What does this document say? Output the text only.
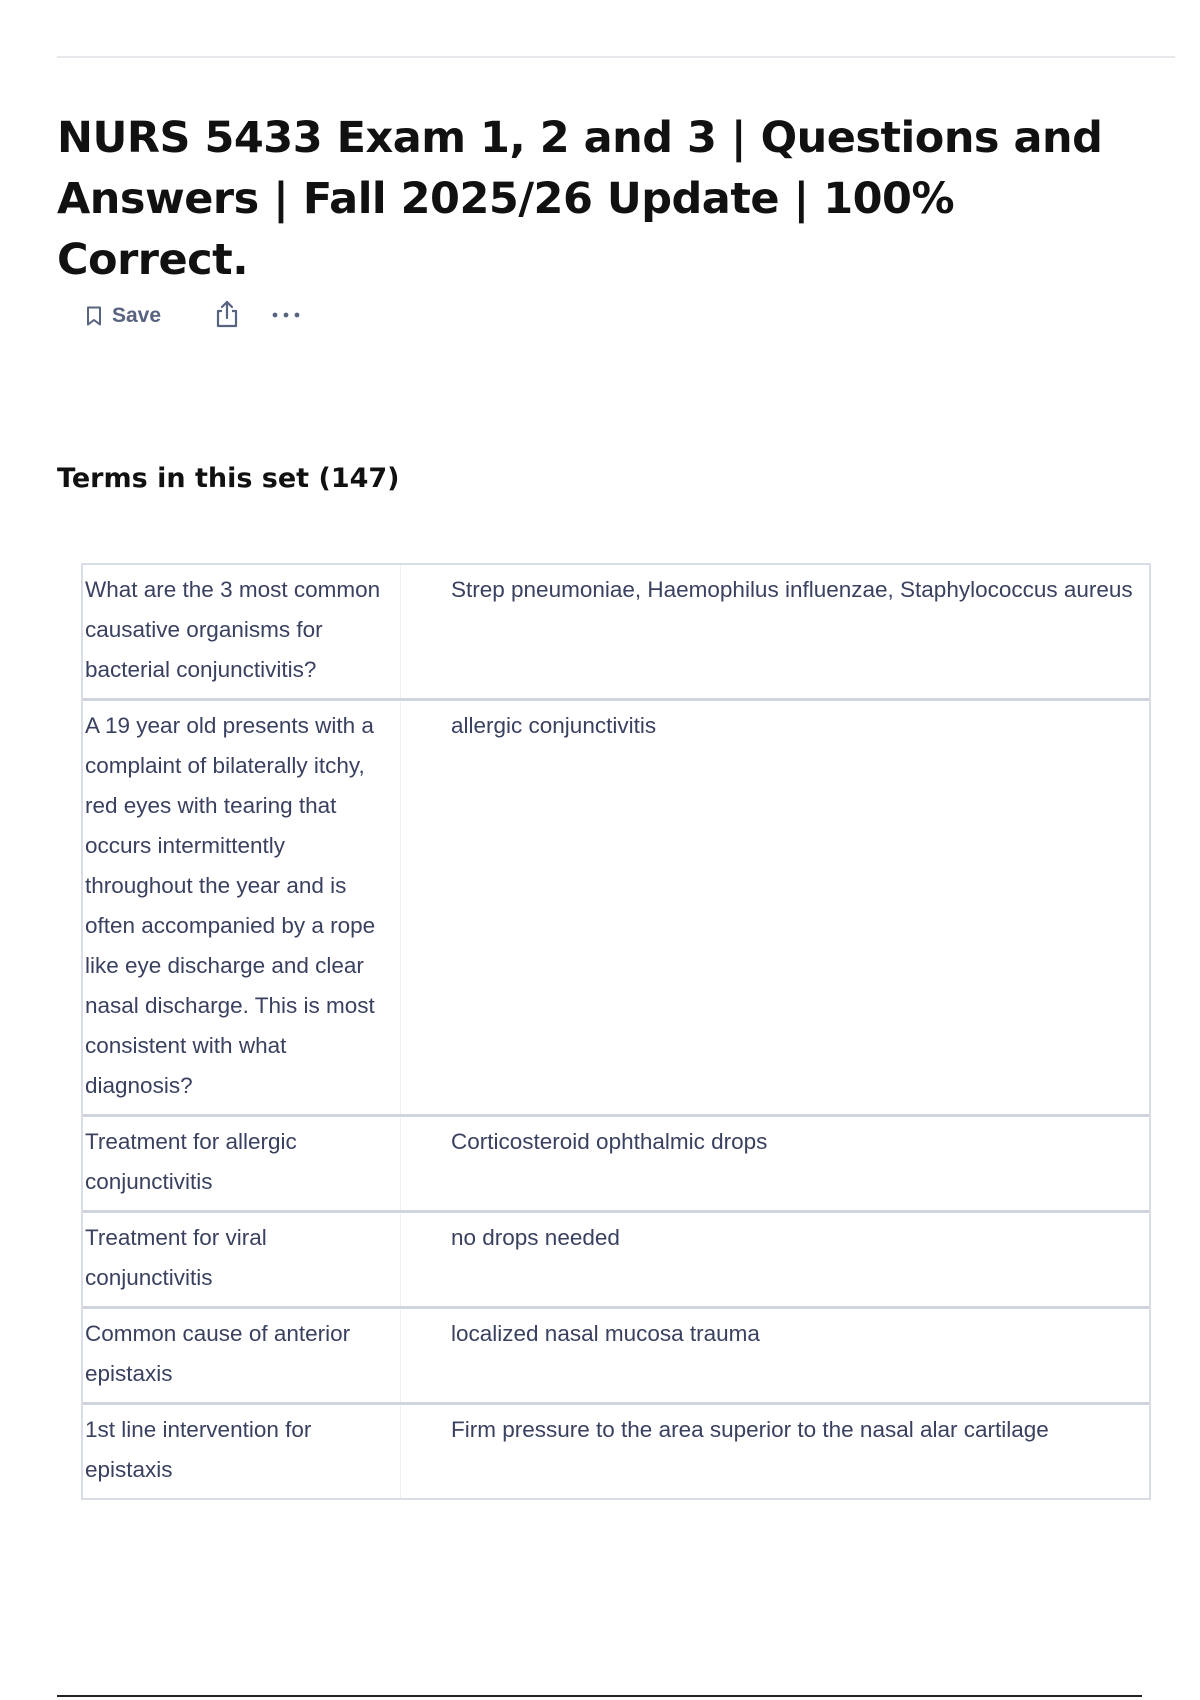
NURS 5433 Exam 1, 2 and 3 | Questions and Answers | Fall 2025/26 Update | 100% Correct.
Save
Terms in this set (147)
What are the 3 most common causative organisms for bacterial conjunctivitis?
Strep pneumoniae, Haemophilus influenzae, Staphylococcus aureus
A 19 year old presents with a complaint of bilaterally itchy, red eyes with tearing that occurs intermittently throughout the year and is often accompanied by a rope like eye discharge and clear nasal discharge. This is most consistent with what diagnosis?
allergic conjunctivitis
Treatment for allergic conjunctivitis
Corticosteroid ophthalmic drops
Treatment for viral conjunctivitis
no drops needed
Common cause of anterior epistaxis
localized nasal mucosa trauma
1st line intervention for epistaxis
Firm pressure to the area superior to the nasal alar cartilage
